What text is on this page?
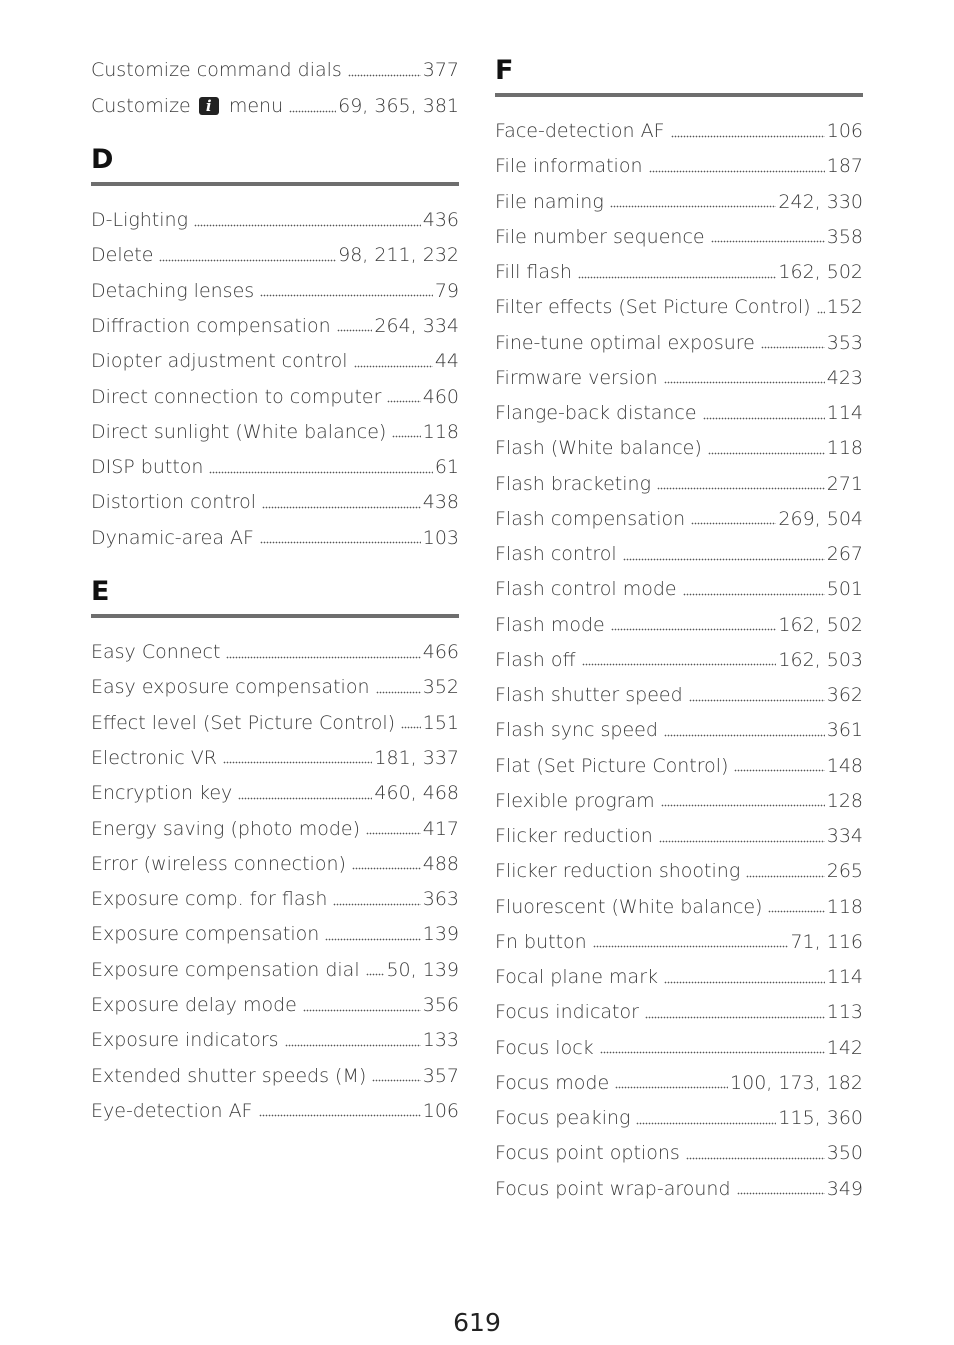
Customize command dials	377
Customize i menu	69, 365, 381
D
D-Lighting	436
Delete	98, 211, 232
Detaching lenses	79
Diffraction compensation 264, 334
Diopter adjustment control	44
Direct connection to computer 460
Direct sunlight (White balance) 118
DISP button	61
Distortion control	438
Dynamic-area AF	103
E
Easy Connect	466
Easy exposure compensation	352
Effect level (Set Picture Control) 151
Electronic VR	181, 337
Encryption key	460, 468
Energy saving (photo mode)	417
Error (wireless connection)	488
Exposure comp. for flash	363
Exposure compensation	139
Exposure compensation dial 50, 139
Exposure delay mode	356
Exposure indicators	133
Extended shutter speeds (M)	357
Eye-detection AF	106
F
Face-detection AF	106
File information	187
File naming	242, 330
File number sequence	358
Fill flash	162, 502
Filter effects (Set Picture Control) 152
Fine-tune optimal exposure	353
Firmware version	423
Flange-back distance	114
Flash (White balance)	118
Flash bracketing	271
Flash compensation	269, 504
Flash control	267
Flash control mode	501
Flash mode	162, 502
Flash off	162, 503
Flash shutter speed	362
Flash sync speed	361
Flat (Set Picture Control)	148
Flexible program	128
Flicker reduction	334
Flicker reduction shooting	265
Fluorescent (White balance)	118
Fn button	71, 116
Focal plane mark	114
Focus indicator	113
Focus lock	142
Focus mode	100, 173, 182
Focus peaking	115, 360
Focus point options	350
Focus point wrap-around	349
619
